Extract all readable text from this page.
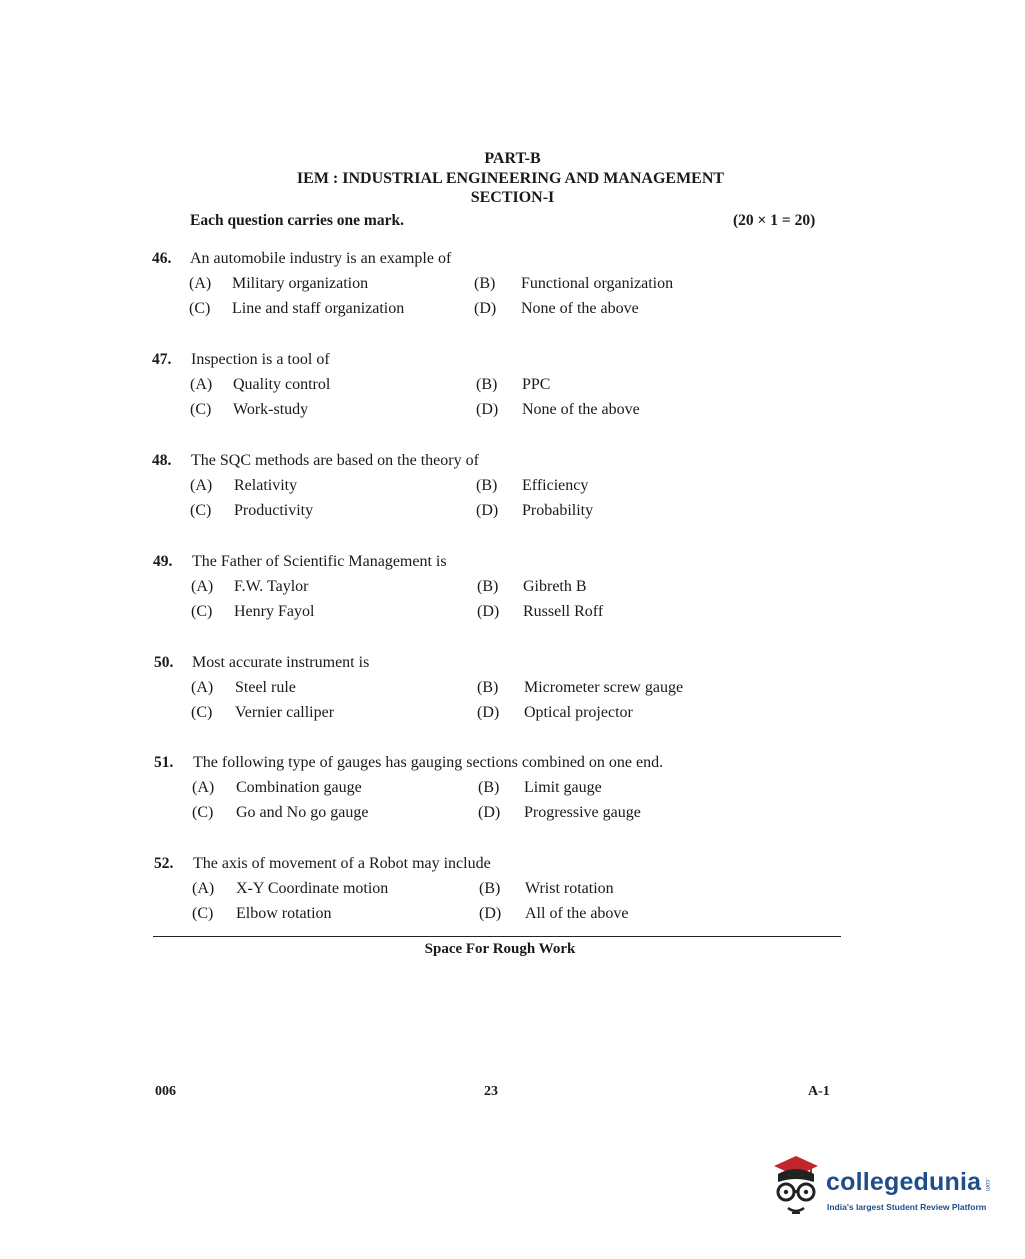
PART-B
IEM : INDUSTRIAL ENGINEERING AND MANAGEMENT
SECTION-I
Each question carries one mark.	(20 × 1 = 20)
46. An automobile industry is an example of
(A)	Military organization	(B)	Functional organization
(C)	Line and staff organization	(D)	None of the above
47. Inspection is a tool of
(A)	Quality control	(B)	PPC
(C)	Work-study	(D)	None of the above
48. The SQC methods are based on the theory of
(A)	Relativity	(B)	Efficiency
(C)	Productivity	(D)	Probability
49. The Father of Scientific Management is
(A)	F.W. Taylor	(B)	Gibreth B
(C)	Henry Fayol	(D)	Russell Roff
50. Most accurate instrument is
(A)	Steel rule	(B)	Micrometer screw gauge
(C)	Vernier calliper	(D)	Optical projector
51. The following type of gauges has gauging sections combined on one end.
(A)	Combination gauge	(B)	Limit gauge
(C)	Go and No go gauge	(D)	Progressive gauge
52. The axis of movement of a Robot may include
(A)	X-Y Coordinate motion	(B)	Wrist rotation
(C)	Elbow rotation	(D)	All of the above
Space For Rough Work
006	23	A-1
collegedunia .com
India's largest Student Review Platform
